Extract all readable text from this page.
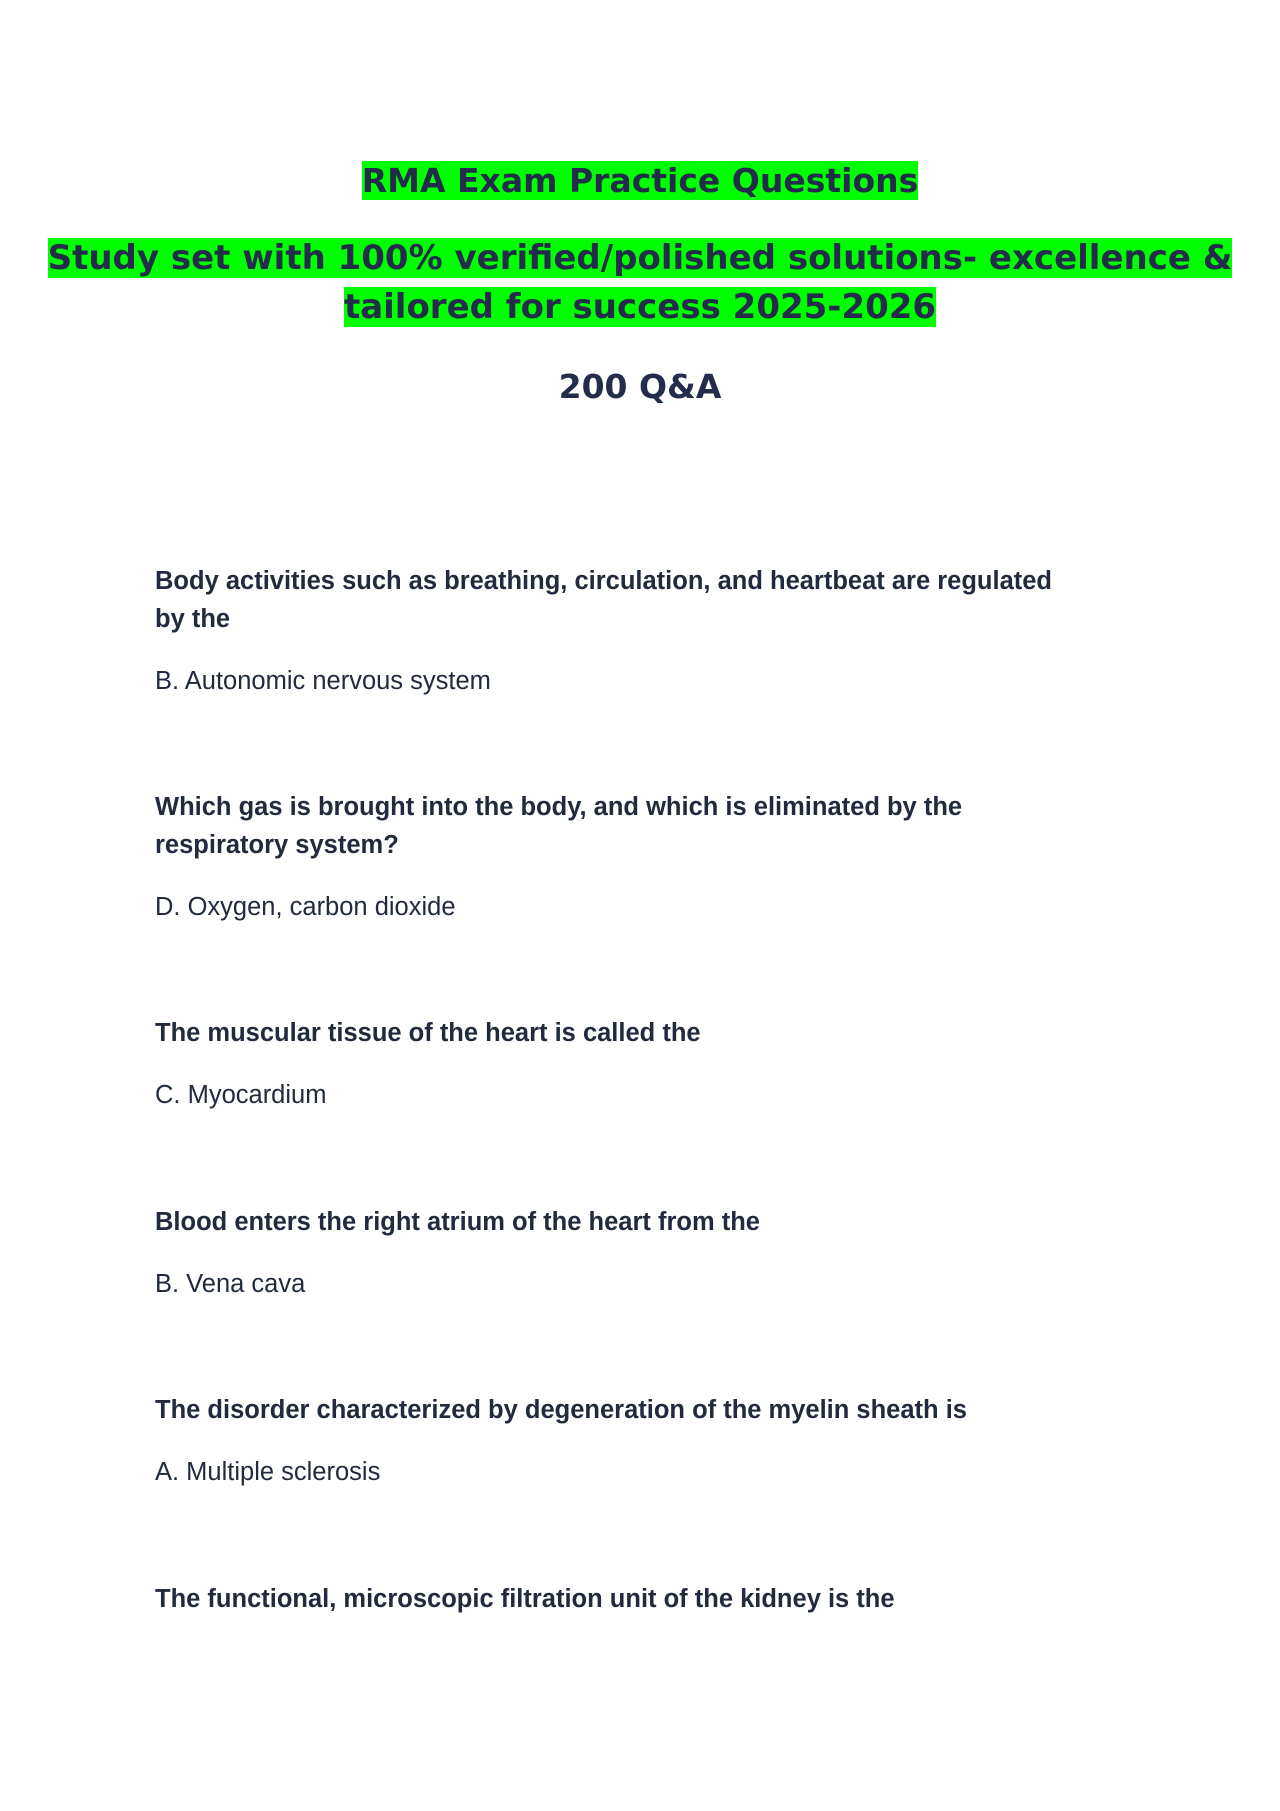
RMA Exam Practice Questions
Study set with 100% verified/polished solutions- excellence & tailored for success 2025-2026
200 Q&A

Body activities such as breathing, circulation, and heartbeat are regulated by the

B. Autonomic nervous system

Which gas is brought into the body, and which is eliminated by the respiratory system?

D. Oxygen, carbon dioxide

The muscular tissue of the heart is called the

C. Myocardium

Blood enters the right atrium of the heart from the

B. Vena cava

The disorder characterized by degeneration of the myelin sheath is

A. Multiple sclerosis

The functional, microscopic filtration unit of the kidney is the
